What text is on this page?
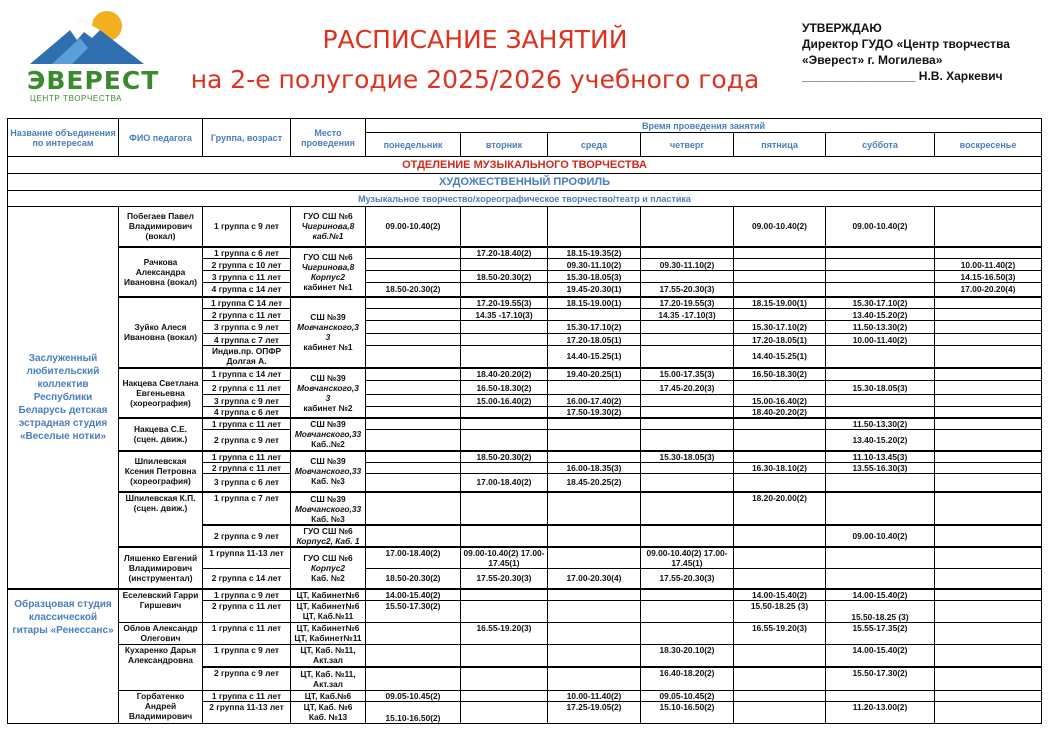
ЭВЕРЕСТ
ЦЕНТР ТВОРЧЕСТВА
РАСПИСАНИЕ ЗАНЯТИЙ
на 2-е полугодие 2025/2026 учебного года
УТВЕРЖДАЮ
Директор ГУДО «Центр творчества
«Эверест» г. Могилева»
_________________ Н.В. Харкевич
Название объединения по интересам	ФИО педагога	Группа, возраст	Место проведения	Время проведения занятий						
				понедельник	вторник	среда	четверг	пятница	суббота	воскресенье
ОТДЕЛЕНИЕ МУЗЫКАЛЬНОГО ТВОРЧЕСТВА										
ХУДОЖЕСТВЕННЫЙ ПРОФИЛЬ										
Музыкальное творчество/хореографическое творчество/театр и пластика										
Заслуженный любительский коллектив Республики Беларусь детская эстрадная студия «Веселые нотки»	Побегаев Павел Владимирович (вокал)	1 группа с 9 лет	ГУО СШ №6
Чигринова,8
каб.№1	09.00-10.40(2)				09.00-10.40(2)	09.00-10.40(2)	
	Рачкова Александра Ивановна (вокал)	1 группа с 6 лет	ГУО СШ №6
Чигринова,8
Корпус2
кабинет №1		17.20-18.40(2)	18.15-19.35(2)				
		2 группа с 10 лет				09.30-11.10(2)	09.30-11.10(2)			10.00-11.40(2)
		3 группа с 11 лет			18.50-20.30(2)	15.30-18.05(3)				14.15-16.50(3)
		4 группа с 14 лет		18.50-20.30(2)		19.45-20.30(1)	17.55-20.30(3)			17.00-20.20(4)
	Зуйко Алеся Ивановна (вокал)	1 группа С 14 лет	СШ №39
Мовчанского,3
3
кабинет №1		17.20-19.55(3)	18.15-19.00(1)	17.20-19.55(3)	18.15-19.00(1)	15.30-17.10(2)	
		2 группа с 11 лет			14.35 -17.10(3)		14.35 -17.10(3)		13.40-15.20(2)	
		3 группа с 9 лет				15.30-17.10(2)		15.30-17.10(2)	11.50-13.30(2)	
		4 группа с 7 лет				17.20-18.05(1)		17.20-18.05(1)	10.00-11.40(2)	
		Индив.пр. ОПФР Долгая А.				14.40-15.25(1)		14.40-15.25(1)		
	Накцева Светлана Евгеньевна (хореография)	1 группа с 14 лет	СШ №39
Мовчанского,3
3
кабинет №2		18.40-20.20(2)	19.40-20.25(1)	15.00-17.35(3)	16.50-18.30(2)		
		2 группа с 11 лет			16.50-18.30(2)		17.45-20.20(3)		15.30-18.05(3)	
		3 группа с 9 лет			15.00-16.40(2)	16.00-17.40(2)		15.00-16.40(2)		
		4 группа с 6 лет				17.50-19.30(2)		18.40-20.20(2)		
	Накцева С.Е. (сцен. движ.)	1 группа с 11 лет	СШ №39
Мовчанского,33
Каб..№2						11.50-13.30(2)	
		2 группа с 9 лет							13.40-15.20(2)	
	Шпилевская Ксения Петровна (хореография)	1 группа с 11 лет	СШ №39
Мовчанского,33
Каб. №3		18.50-20.30(2)		15.30-18.05(3)		11.10-13.45(3)	
		2 группа с 11 лет				16.00-18.35(3)		16.30-18.10(2)	13.55-16.30(3)	
		3 группа с 6 лет			17.00-18.40(2)	18.45-20.25(2)				
	Шпилевская К.П. (сцен. движ.)	1 группа с 7 лет	СШ №39
Мовчанского,33
Каб. №3					18.20-20.00(2)		
		2 группа с 9 лет	ГУО СШ №6
Корпус2, Каб. 1						09.00-10.40(2)	
	Ляшенко Евгений Владимирович (инструментал)	1 группа 11-13 лет	ГУО СШ №6
Корпус2
Каб. №2	17.00-18.40(2)	09.00-10.40(2) 17.00-17.45(1)		09.00-10.40(2) 17.00-17.45(1)			
		2 группа с 14 лет		18.50-20.30(2)	17.55-20.30(3)	17.00-20.30(4)	17.55-20.30(3)			
Образцовая студия классической гитары «Ренессанс»	Еселевский Гарри Гиршевич	1 группа с 9 лет	ЦТ, Кабинет№6	14.00-15.40(2)				14.00-15.40(2)	14.00-15.40(2)	
		2 группа с 11 лет	ЦТ, Кабинет№6
ЦТ, Каб.№11	15.50-17.30(2)				15.50-18.25 (3)	15.50-18.25 (3)	
	Облов Александр Олегович	1 группа с 11 лет	ЦТ, Кабинет№6
ЦТ, Кабинет№11		16.55-19.20(3)			16.55-19.20(3)	15.55-17.35(2)	
	Кухаренко Дарья Александровна	1 группа с 9 лет	ЦТ, Каб. №11,
Акт.зал				18.30-20.10(2)		14.00-15.40(2)	
		2 группа с 9 лет	ЦТ, Каб. №11,
Акт.зал				16.40-18.20(2)		15.50-17.30(2)	
	Горбатенко Андрей Владимирович	1 группа с 11 лет	ЦТ, Каб.№6	09.05-10.45(2)		10.00-11.40(2)	09.05-10.45(2)			
		2 группа 11-13 лет	ЦТ, Каб. №6
Каб. №13	15.10-16.50(2)		17.25-19.05(2)	15.10-16.50(2)		11.20-13.00(2)	
